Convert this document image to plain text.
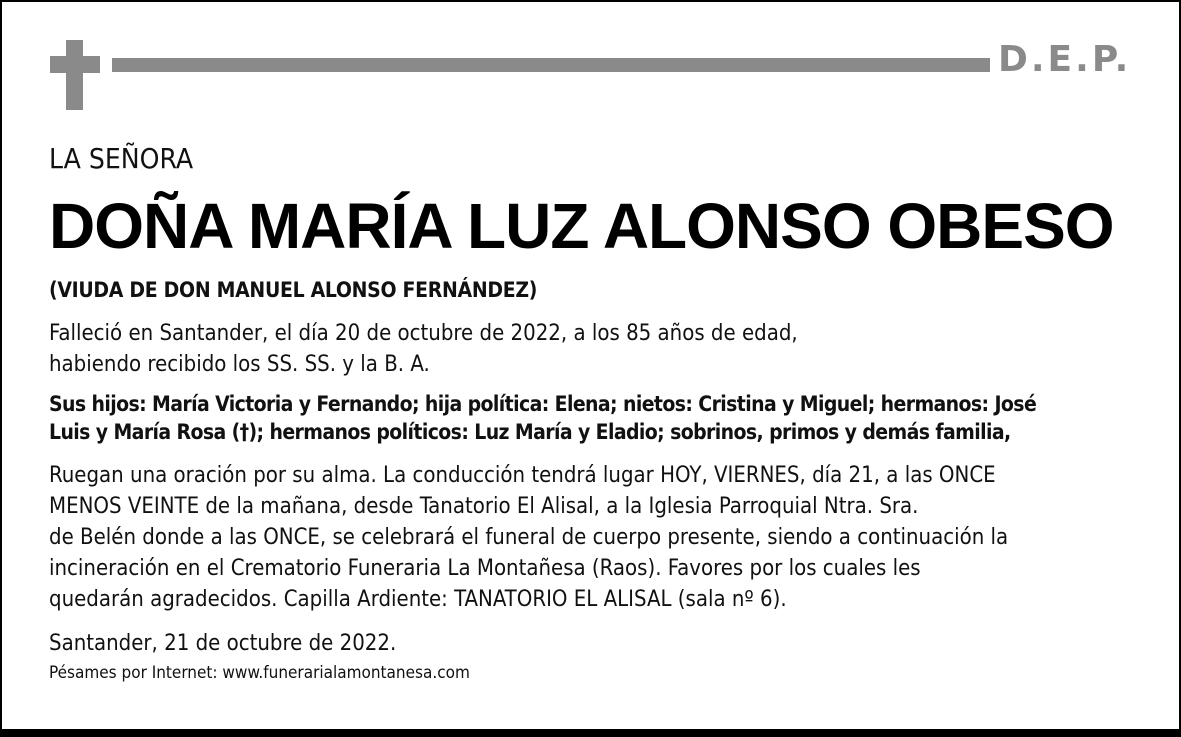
D.E.P.
LA SEÑORA
DOÑA MARÍA LUZ ALONSO OBESO
(VIUDA DE DON MANUEL ALONSO FERNÁNDEZ)
Falleció en Santander, el día 20 de octubre de 2022, a los 85 años de edad,
habiendo recibido los SS. SS. y la B. A.
Sus hijos: María Victoria y Fernando; hija política: Elena; nietos: Cristina y Miguel; hermanos: José
Luis y María Rosa (†); hermanos políticos: Luz María y Eladio; sobrinos, primos y demás familia,
Ruegan una oración por su alma. La conducción tendrá lugar HOY, VIERNES, día 21, a las ONCE
MENOS VEINTE de la mañana, desde Tanatorio El Alisal, a la Iglesia Parroquial Ntra. Sra.
de Belén donde a las ONCE, se celebrará el funeral de cuerpo presente, siendo a continuación la
incineración en el Crematorio Funeraria La Montañesa (Raos). Favores por los cuales les
quedarán agradecidos. Capilla Ardiente: TANATORIO EL ALISAL (sala nº 6).
Santander, 21 de octubre de 2022.
Pésames por Internet: www.funerarialamontanesa.com
